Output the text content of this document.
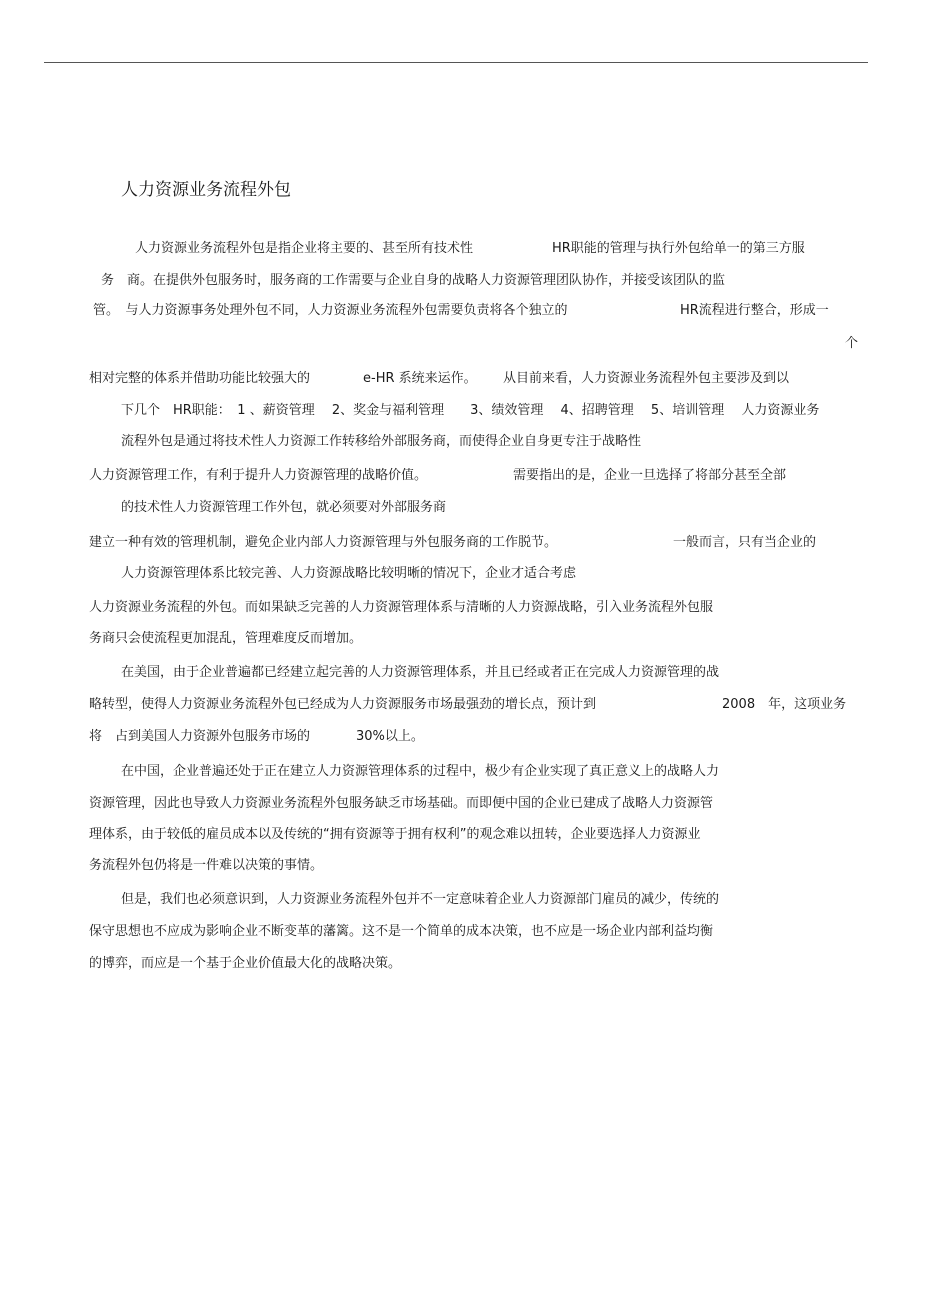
人力资源业务流程外包
人力资源业务流程外包是指企业将主要的、甚至所有技术性	HR职能的管理与执行外包给单一的第三方服
务　商。在提供外包服务时，服务商的工作需要与企业自身的战略人力资源管理团队协作，并接受该团队的监
管。　与人力资源事务处理外包不同，人力资源业务流程外包需要负责将各个独立的	HR流程进行整合，形成一
个
相对完整的体系并借助功能比较强大的	e-HR 系统来运作。 从目前来看，人力资源业务流程外包主要涉及到以
下几个　HR职能：　1 、薪资管理　 2、奖金与福利管理　　3、绩效管理　 4、招聘管理　 5、培训管理　 人力资源业务
流程外包是通过将技术性人力资源工作转移给外部服务商，而使得企业自身更专注于战略性
人力资源管理工作，有利于提升人力资源管理的战略价值。	需要指出的是，企业一旦选择了将部分甚至全部
的技术性人力资源管理工作外包，就必须要对外部服务商
建立一种有效的管理机制，避免企业内部人力资源管理与外包服务商的工作脱节。	一般而言，只有当企业的
人力资源管理体系比较完善、人力资源战略比较明晰的情况下，企业才适合考虑
人力资源业务流程的外包。而如果缺乏完善的人力资源管理体系与清晰的人力资源战略，引入业务流程外包服
务商只会使流程更加混乱，管理难度反而增加。
在美国，由于企业普遍都已经建立起完善的人力资源管理体系，并且已经或者正在完成人力资源管理的战
略转型，使得人力资源业务流程外包已经成为人力资源服务市场最强劲的增长点，预计到	2008　年，这项业务
将　占到美国人力资源外包服务市场的	30%以上。
在中国，企业普遍还处于正在建立人力资源管理体系的过程中，极少有企业实现了真正意义上的战略人力
资源管理，因此也导致人力资源业务流程外包服务缺乏市场基础。而即便中国的企业已建成了战略人力资源管
理体系，由于较低的雇员成本以及传统的“拥有资源等于拥有权利”的观念难以扭转，企业要选择人力资源业
务流程外包仍将是一件难以决策的事情。
但是，我们也必须意识到，人力资源业务流程外包并不一定意味着企业人力资源部门雇员的减少，传统的
保守思想也不应成为影响企业不断变革的藩篱。这不是一个简单的成本决策，也不应是一场企业内部利益均衡
的博弈，而应是一个基于企业价值最大化的战略决策。
